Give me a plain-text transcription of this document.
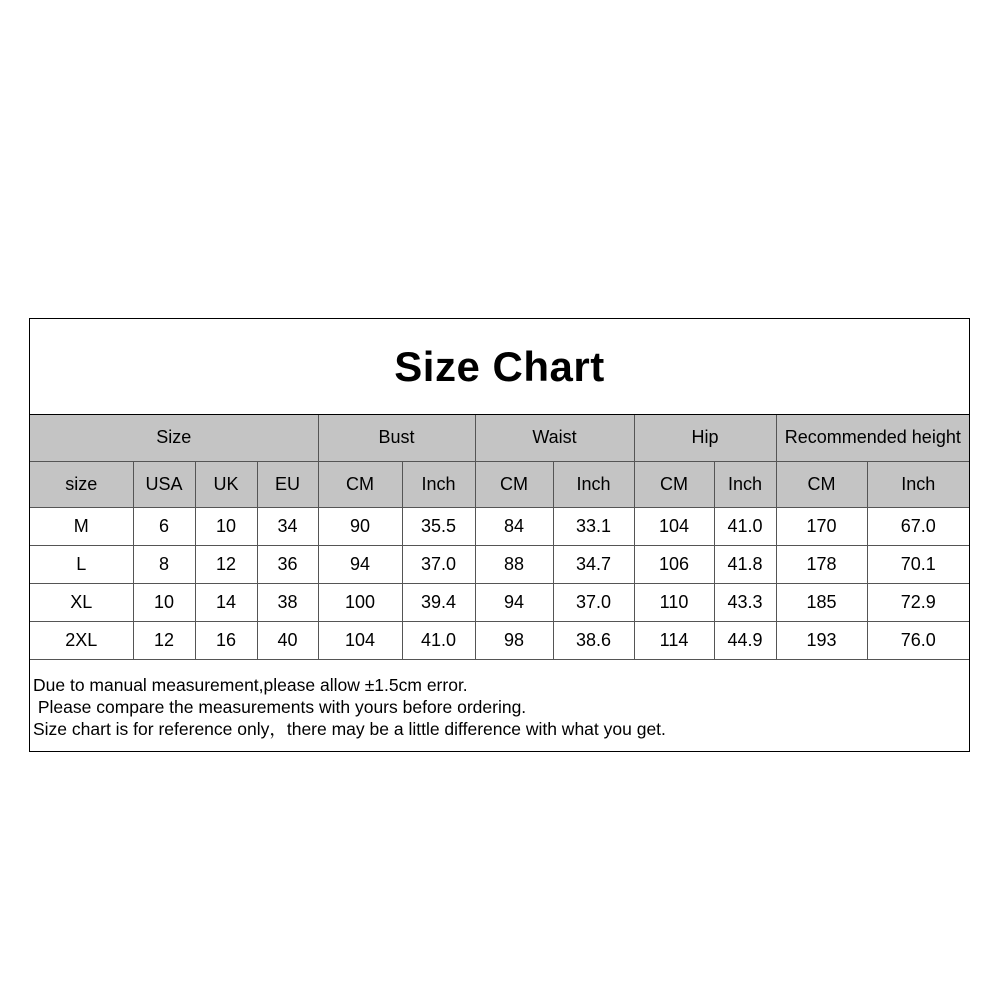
Size Chart
Size				Bust		Waist		Hip		Recommended height	
size	USA	UK	EU	CM	Inch	CM	Inch	CM	Inch	CM	Inch
M	6	10	34	90	35.5	84	33.1	104	41.0	170	67.0
L	8	12	36	94	37.0	88	34.7	106	41.8	178	70.1
XL	10	14	38	100	39.4	94	37.0	110	43.3	185	72.9
2XL	12	16	40	104	41.0	98	38.6	114	44.9	193	76.0
Due to manual measurement,please allow ±1.5cm error.
Please compare the measurements with yours before ordering.
Size chart is for reference only，there may be a little difference with what you get.
